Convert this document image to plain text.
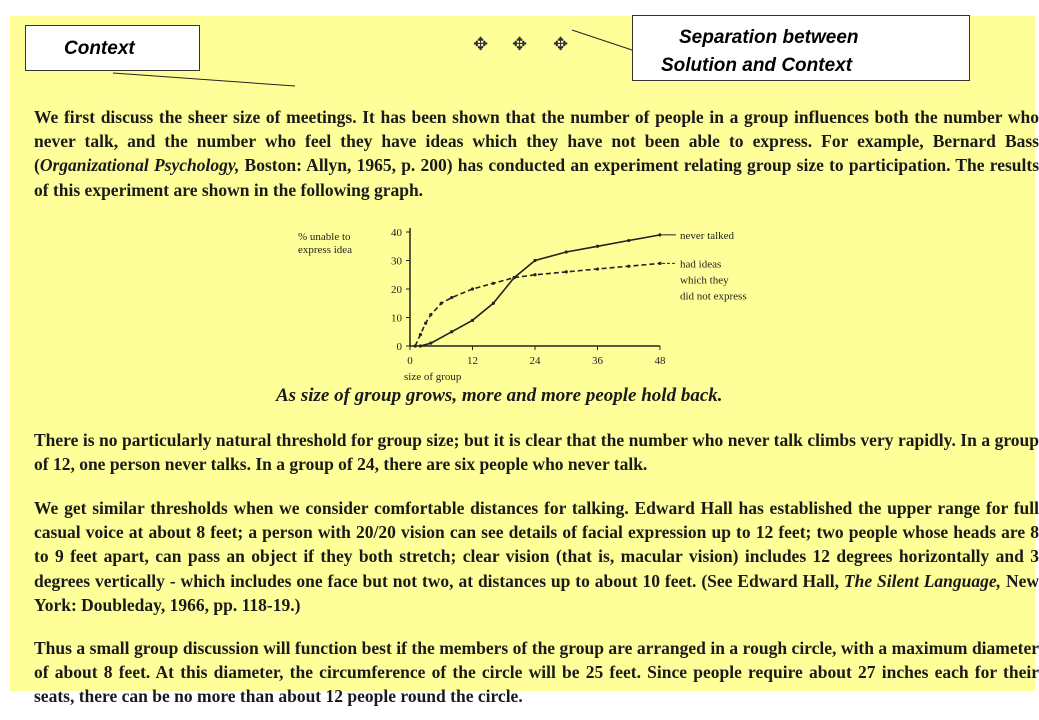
✥ ✥ ✥

We first discuss the sheer size of meetings. It has been shown that the number of people in a group influences both the number who never talk, and the number who feel they have ideas which they have not been able to express. For example, Bernard Bass (Organizational Psychology, Boston: Allyn, 1965, p. 200) has conducted an experiment relating group size to participation. The results of this experiment are shown in the following graph.

0
10
20
30
40
0	12	24	36	48
% unable to
express idea
size of group
never talked
had ideas
which they
did not express

As size of group grows, more and more people hold back.

There is no particularly natural threshold for group size; but it is clear that the number who never talk climbs very rapidly. In a group of 12, one person never talks. In a group of 24, there are six people who never talk.

We get similar thresholds when we consider comfortable distances for talking. Edward Hall has established the upper range for full casual voice at about 8 feet; a person with 20/20 vision can see details of facial expression up to 12 feet; two people whose heads are 8 to 9 feet apart, can pass an object if they both stretch; clear vision (that is, macular vision) includes 12 degrees horizontally and 3 degrees vertically - which includes one face but not two, at distances up to about 10 feet. (See Edward Hall, The Silent Language, New York: Doubleday, 1966, pp. 118-19.)

Thus a small group discussion will function best if the members of the group are arranged in a rough circle, with a maximum diameter of about 8 feet. At this diameter, the circumference of the circle will be 25 feet. Since people require about 27 inches each for their seats, there can be no more than about 12 people round the circle.

Context
Separation between
Solution and Context
